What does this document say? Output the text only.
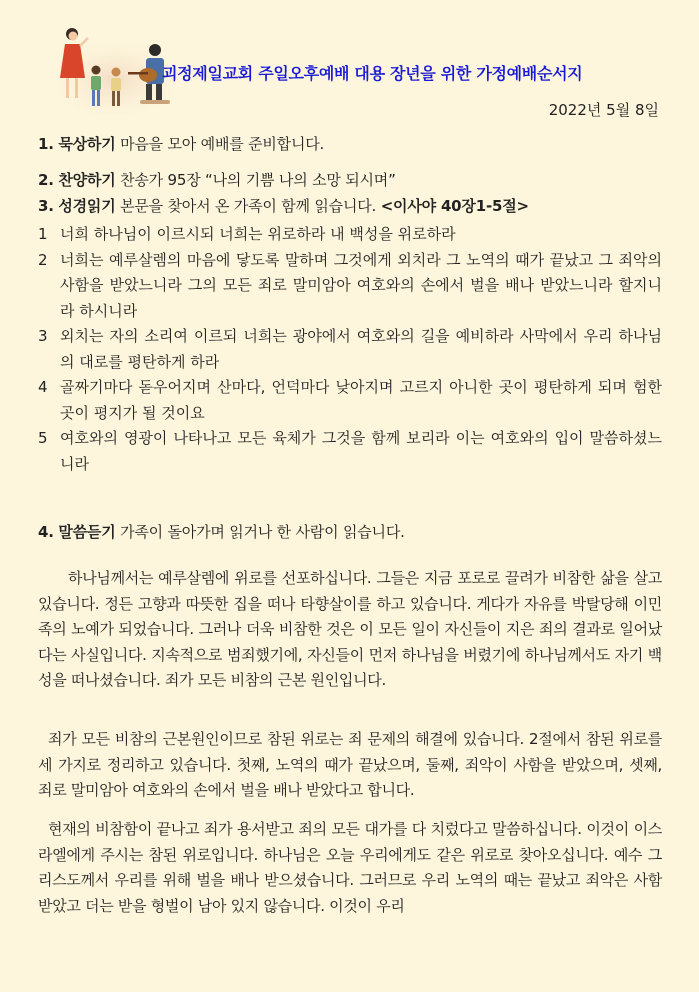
괴정제일교회 주일오후예배 대용 장년을 위한 가정예배순서지
2022년 5월 8일
1. 묵상하기 마음을 모아 예배를 준비합니다.
2. 찬양하기 찬송가 95장 “나의 기쁨 나의 소망 되시며”
3. 성경읽기 본문을 찾아서 온 가족이 함께 읽습니다. <이사야 40장1-5절>
1 너희 하나님이 이르시되 너희는 위로하라 내 백성을 위로하라
2 너희는 예루살렘의 마음에 닿도록 말하며 그것에게 외치라 그 노역의 때가 끝났고 그 죄악의 사함을 받았느니라 그의 모든 죄로 말미암아 여호와의 손에서 벌을 배나 받았느니라 할지니라 하시니라
3 외치는 자의 소리여 이르되 너희는 광야에서 여호와의 길을 예비하라 사막에서 우리 하나님의 대로를 평탄하게 하라
4 골짜기마다 돋우어지며 산마다, 언덕마다 낮아지며 고르지 아니한 곳이 평탄하게 되며 험한 곳이 평지가 될 것이요
5 여호와의 영광이 나타나고 모든 육체가 그것을 함께 보리라 이는 여호와의 입이 말씀하셨느니라
4. 말씀듣기 가족이 돌아가며 읽거나 한 사람이 읽습니다.
하나님께서는 예루살렘에 위로를 선포하십니다. 그들은 지금 포로로 끌려가 비참한 삶을 살고 있습니다. 정든 고향과 따뜻한 집을 떠나 타향살이를 하고 있습니다. 게다가 자유를 박탈당해 이민족의 노예가 되었습니다. 그러나 더욱 비참한 것은 이 모든 일이 자신들이 지은 죄의 결과로 일어났다는 사실입니다. 지속적으로 범죄했기에, 자신들이 먼저 하나님을 버렸기에 하나님께서도 자기 백성을 떠나셨습니다. 죄가 모든 비참의 근본 원인입니다.
죄가 모든 비참의 근본원인이므로 참된 위로는 죄 문제의 해결에 있습니다. 2절에서 참된 위로를 세 가지로 정리하고 있습니다. 첫째, 노역의 때가 끝났으며, 둘째, 죄악이 사함을 받았으며, 셋째, 죄로 말미암아 여호와의 손에서 벌을 배나 받았다고 합니다.
현재의 비참함이 끝나고 죄가 용서받고 죄의 모든 대가를 다 치렀다고 말씀하십니다. 이것이 이스라엘에게 주시는 참된 위로입니다. 하나님은 오늘 우리에게도 같은 위로로 찾아오십니다. 예수 그리스도께서 우리를 위해 벌을 배나 받으셨습니다. 그러므로 우리 노역의 때는 끝났고 죄악은 사함 받았고 더는 받을 형벌이 남아 있지 않습니다. 이것이 우리
